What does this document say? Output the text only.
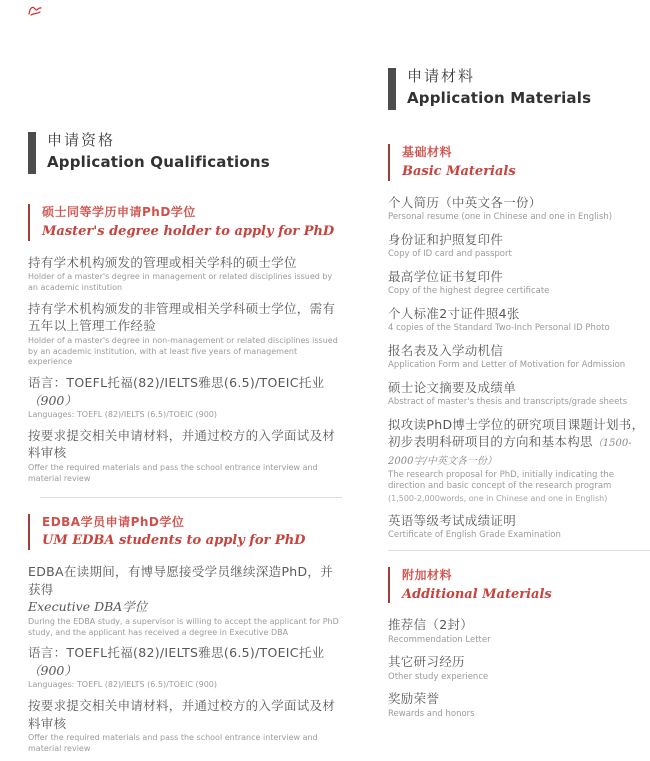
申请资格
Application Qualifications
硕士同等学历申请PhD学位
Master's degree holder to apply for PhD
持有学术机构颁发的管理或相关学科的硕士学位
Holder of a master's degree in management or related disciplines issued by an academic institution
持有学术机构颁发的非管理或相关学科硕士学位，需有五年以上管理工作经验
Holder of a master's degree in non-management or related disciplines issued by an academic institution, with at least five years of management experience
语言：TOEFL托福(82)/IELTS雅思(6.5)/TOEIC托业
（900）
Languages: TOEFL (82)/IELTS (6.5)/TOEIC (900)
按要求提交相关申请材料，并通过校方的入学面试及材料审核
Offer the required materials and pass the school entrance interview and material review
EDBA学员申请PhD学位
UM EDBA students to apply for PhD
EDBA在读期间，有博导愿接受学员继续深造PhD，并获得
Executive DBA学位
During the EDBA study, a supervisor is willing to accept the applicant for PhD study, and the applicant has received a degree in Executive DBA
语言：TOEFL托福(82)/IELTS雅思(6.5)/TOEIC托业
（900）
Languages: TOEFL (82)/IELTS (6.5)/TOEIC (900)
按要求提交相关申请材料，并通过校方的入学面试及材料审核
Offer the required materials and pass the school entrance interview and material review
申请材料
Application Materials
基础材料
Basic Materials
个人简历（中英文各一份）
Personal resume (one in Chinese and one in English)
身份证和护照复印件
Copy of ID card and passport
最高学位证书复印件
Copy of the highest degree certificate
个人标准2寸证件照4张
4 copies of the Standard Two-Inch Personal ID Photo
报名表及入学动机信
Application Form and Letter of Motivation for Admission
硕士论文摘要及成绩单
Abstract of master's thesis and transcripts/grade sheets
拟攻读PhD博士学位的研究项目课题计划书，初步表明科研项目的方向和基本构思（1500-2000字/中英文各一份）
The research proposal for PhD, initially indicating the direction and basic concept of the research program
(1,500-2,000words, one in Chinese and one in English)
英语等级考试成绩证明
Certificate of English Grade Examination
附加材料
Additional Materials
推荐信（2封）
Recommendation Letter
其它研习经历
Other study experience
奖励荣誉
Rewards and honors
